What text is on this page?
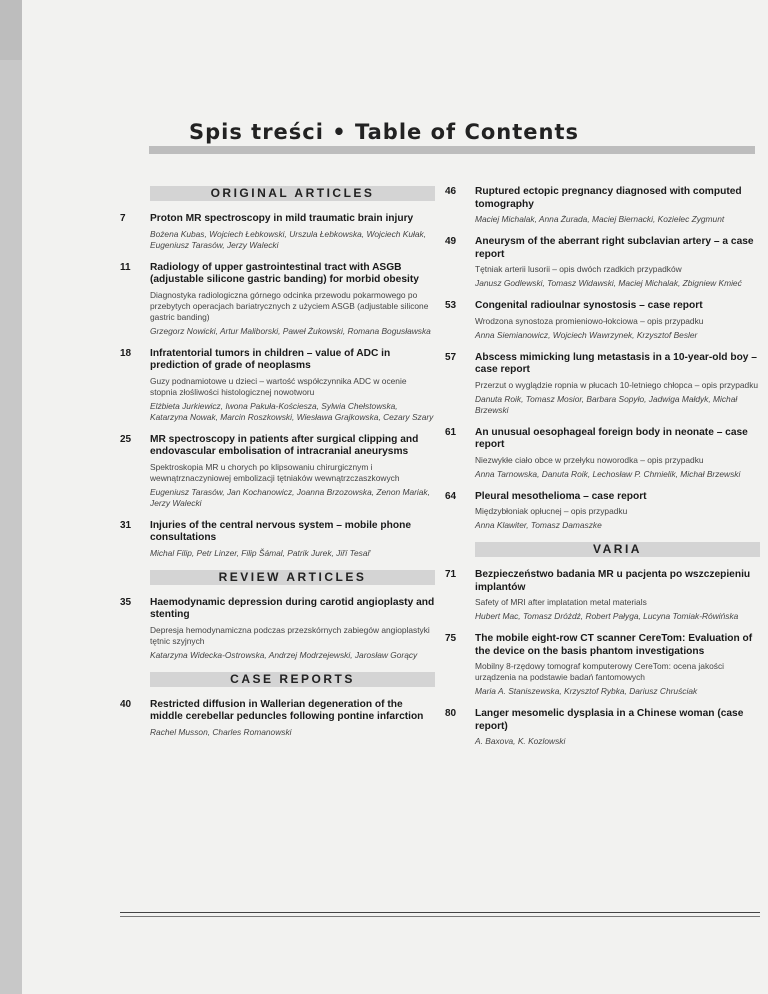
Spis treści • Table of Contents
ORIGINAL ARTICLES
7	Proton MR spectroscopy in mild traumatic brain injury
Bożena Kubas, Wojciech Łebkowski, Urszula Łebkowska, Wojciech Kułak, Eugeniusz Tarasów, Jerzy Walecki
11	Radiology of upper gastrointestinal tract with ASGB (adjustable silicone gastric banding) for morbid obesity
Diagnostyka radiologiczna górnego odcinka przewodu pokarmowego po przebytych operacjach bariatrycznych z użyciem ASGB (adjustable silicone gastric banding)
Grzegorz Nowicki, Artur Maliborski, Paweł Żukowski, Romana Bogusławska
18	Infratentorial tumors in children – value of ADC in prediction of grade of neoplasms
Guzy podnamiotowe u dzieci – wartość współczynnika ADC w ocenie stopnia złośliwości histologicznej nowotworu
Elżbieta Jurkiewicz, Iwona Pakuła-Kościesza, Sylwia Chełstowska, Katarzyna Nowak, Marcin Roszkowski, Wiesława Grajkowska, Cezary Szary
25	MR spectroscopy in patients after surgical clipping and endovascular embolisation of intracranial aneurysms
Spektroskopia MR u chorych po klipsowaniu chirurgicznym i wewnątrznaczyniowej embolizacji tętniaków wewnątrzczaszkowych
Eugeniusz Tarasów, Jan Kochanowicz, Joanna Brzozowska, Zenon Mariak, Jerzy Walecki
31	Injuries of the central nervous system – mobile phone consultations
Michal Filip, Petr Linzer, Filip Šámal, Patrik Jurek, Jiří Tesař
REVIEW ARTICLES
35	Haemodynamic depression during carotid angioplasty and stenting
Depresja hemodynamiczna podczas przezskórnych zabiegów angioplastyki tętnic szyjnych
Katarzyna Widecka-Ostrowska, Andrzej Modrzejewski, Jarosław Gorący
CASE REPORTS
40	Restricted diffusion in Wallerian degeneration of the middle cerebellar peduncles following pontine infarction
Rachel Musson, Charles Romanowski
46	Ruptured ectopic pregnancy diagnosed with computed tomography
Maciej Michalak, Anna Żurada, Maciej Biernacki, Kozielec Zygmunt
49	Aneurysm of the aberrant right subclavian artery – a case report
Tętniak arterii lusorii – opis dwóch rzadkich przypadków
Janusz Godlewski, Tomasz Widawski, Maciej Michalak, Zbigniew Kmieć
53	Congenital radioulnar synostosis – case report
Wrodzona synostoza promieniowo-łokciowa – opis przypadku
Anna Siemianowicz, Wojciech Wawrzynek, Krzysztof Besler
57	Abscess mimicking lung metastasis in a 10-year-old boy – case report
Przerzut o wyglądzie ropnia w płucach 10-letniego chłopca – opis przypadku
Danuta Roik, Tomasz Mosior, Barbara Sopyło, Jadwiga Małdyk, Michał Brzewski
61	An unusual oesophageal foreign body in neonate – case report
Niezwykłe ciało obce w przełyku noworodka – opis przypadku
Anna Tarnowska, Danuta Roik, Lechosław P. Chmielik, Michał Brzewski
64	Pleural mesothelioma – case report
Międzybłoniak opłucnej – opis przypadku
Anna Klawiter, Tomasz Damaszke
VARIA
71	Bezpieczeństwo badania MR u pacjenta po wszczepieniu implantów
Safety of MRI after implatation metal materials
Hubert Mac, Tomasz Dróżdż, Robert Pałyga, Lucyna Tomiak-Rówińska
75	The mobile eight-row CT scanner CereTom: Evaluation of the device on the basis phantom investigations
Mobilny 8-rzędowy tomograf komputerowy CereTom: ocena jakości urządzenia na podstawie badań fantomowych
Maria A. Staniszewska, Krzysztof Rybka, Dariusz Chruściak
80	Langer mesomelic dysplasia in a Chinese woman (case report)
A. Baxova, K. Kozlowski
